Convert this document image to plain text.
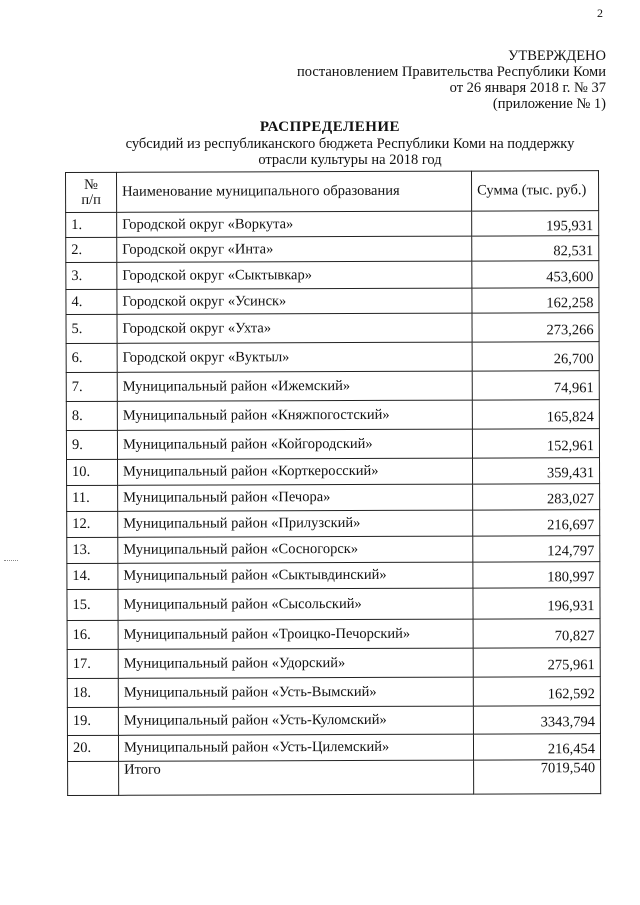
2
УТВЕРЖДЕНО
постановлением Правительства Республики Коми
от 26 января 2018 г. № 37
(приложение № 1)
РАСПРЕДЕЛЕНИЕ
субсидий из республиканского бюджета Республики Коми на поддержку
отрасли культуры на 2018 год
№
п/п	Наименование муниципального образования	Сумма (тыс. руб.)
1.	Городской округ «Воркута»	195,931
2.	Городской округ «Инта»	82,531
3.	Городской округ «Сыктывкар»	453,600
4.	Городской округ «Усинск»	162,258
5.	Городской округ «Ухта»	273,266
6.	Городской округ «Вуктыл»	26,700
7.	Муниципальный район «Ижемский»	74,961
8.	Муниципальный район «Княжпогостский»	165,824
9.	Муниципальный район «Койгородский»	152,961
10.	Муниципальный район «Корткеросский»	359,431
11.	Муниципальный район «Печора»	283,027
12.	Муниципальный район «Прилузский»	216,697
13.	Муниципальный район «Сосногорск»	124,797
14.	Муниципальный район «Сыктывдинский»	180,997
15.	Муниципальный район «Сысольский»	196,931
16.	Муниципальный район «Троицко-Печорский»	70,827
17.	Муниципальный район «Удорский»	275,961
18.	Муниципальный район «Усть-Вымский»	162,592
19.	Муниципальный район «Усть-Куломский»	3343,794
20.	Муниципальный район «Усть-Цилемский»	216,454
	Итого	7019,540
